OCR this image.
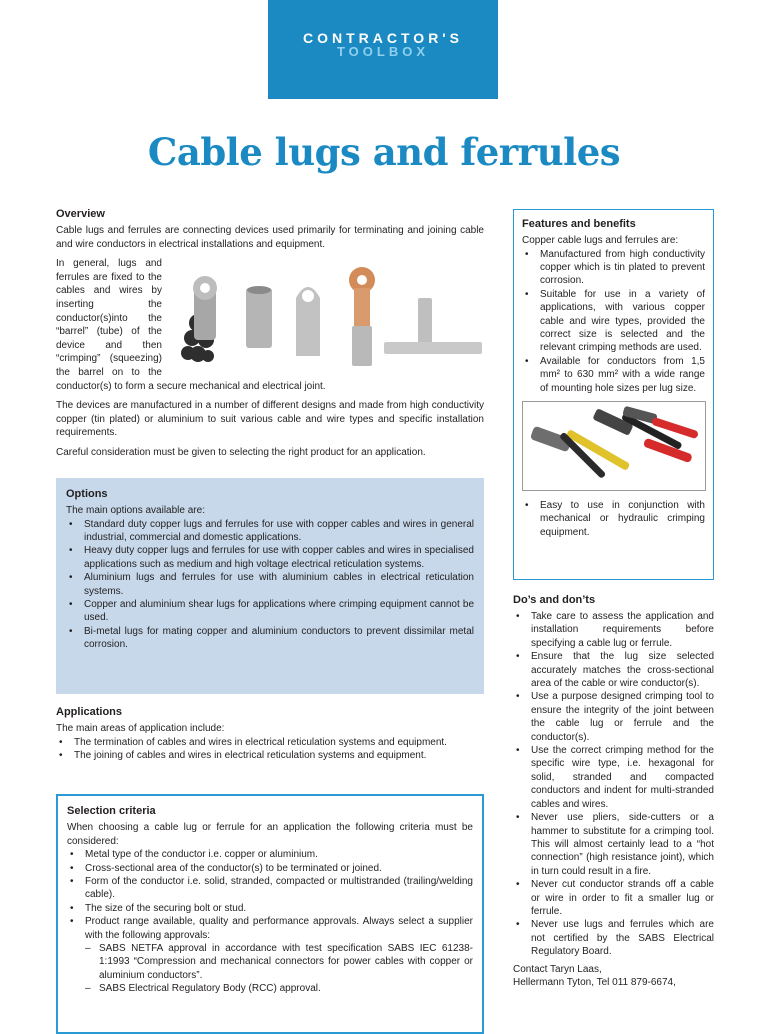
CONTRACTOR'S
TOOLBOX
Cable lugs and ferrules
Overview

Cable lugs and ferrules are connecting devices used primarily for terminating and joining cable and wire conductors in electrical installations and equipment.

In general, lugs and ferrules are fixed to the cables and wires by inserting the conductor(s)into the “barrel” (tube) of the device and then “crimping” (squeezing) the barrel on to the conductor(s) to form a secure mechanical and electrical joint.

The devices are manufactured in a number of different designs and made from high conductivity copper (tin plated) or aluminium to suit various cable and wire types and specific installation requirements.

Careful consideration must be given to selecting the right product for an application.

Options

The main options available are:

• Standard duty copper lugs and ferrules for use with copper cables and wires in general industrial, commercial and domestic applications.
• Heavy duty copper lugs and ferrules for use with copper cables and wires in specialised applications such as medium and high voltage electrical reticulation systems.
• Aluminium lugs and ferrules for use with aluminium cables in electrical reticulation systems.
• Copper and aluminium shear lugs for applications where crimping equipment cannot be used.
• Bi-metal lugs for mating copper and aluminium conductors to prevent dissimilar metal corrosion.
Applications

The main areas of application include:

• The termination of cables and wires in electrical reticulation systems and equipment.
• The joining of cables and wires in electrical reticulation systems and equipment.
Selection criteria

When choosing a cable lug or ferrule for an application the following criteria must be considered:

• Metal type of the conductor i.e. copper or aluminium.
• Cross-sectional area of the conductor(s) to be terminated or joined.
• Form of the conductor i.e. solid, stranded, compacted or multistranded (trailing/welding cable).
• The size of the securing bolt or stud.
• Product range available, quality and performance approvals. Always select a supplier with the following approvals:
– SABS NETFA approval in accordance with test specification SABS IEC 61238-1:1993 “Compression and mechanical connectors for power cables with copper or aluminium conductors”.
– SABS Electrical Regulatory Body (RCC) approval.
Features and benefits

Copper cable lugs and ferrules are:

• Manufactured from high conductivity copper which is tin plated to prevent corrosion.
• Suitable for use in a variety of applications, with various copper cable and wire types, provided the correct size is selected and the relevant crimping methods are used.
• Available for conductors from 1,5 mm² to 630 mm² with a wide range of mounting hole sizes per lug size.
• Easy to use in conjunction with mechanical or hydraulic crimping equipment.
Do’s and don’ts
• Take care to assess the application and installation requirements before specifying a cable lug or ferrule.
• Ensure that the lug size selected accurately matches the cross-sectional area of the cable or wire conductor(s).
• Use a purpose designed crimping tool to ensure the integrity of the joint between the cable lug or ferrule and the conductor(s).
• Use the correct crimping method for the specific wire type, i.e. hexagonal for solid, stranded and compacted conductors and indent for multi-stranded cables and wires.
• Never use pliers, side-cutters or a hammer to substitute for a crimping tool. This will almost certainly lead to a “hot connection” (high resistance joint), which in turn could result in a fire.
• Never cut conductor strands off a cable or wire in order to fit a smaller lug or ferrule.
• Never use lugs and ferrules which are not certified by the SABS Electrical Regulatory Board.

Contact Taryn Laas,

Hellermann Tyton, Tel 011 879-6674,
